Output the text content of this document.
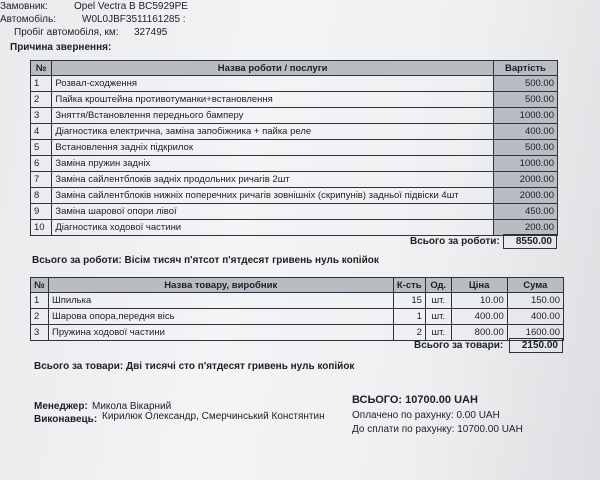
Замовник:	Opel Vectra B BC5929PE
Автомобіль:	W0L0JBF3511161285 :
Пробіг автомобіля, км: 327495
Причина звернення:
№	Назва роботи / послуги	Вартість
1	Розвал-сходження	500.00
2	Пайка кроштейна противотуманки+встановлення	500.00
3	Зняття/Встановлення переднього бамперу	1000.00
4	Діагностика електрична, заміна запобіжника + пайка реле	400.00
5	Встановлення задніх підкрилок	500.00
6	Заміна пружин задніх	1000.00
7	Заміна сайлентблоків задніх продольних ричагів 2шт	2000.00
8	Заміна сайлентблоків нижніх поперечних ричагів зовнішніх (скрипунів) задньої підвіски 4шт	2000.00
9	Заміна шарової опори лівої	450.00
10	Діагностика ходової частини	200.00
Всього за роботи:	8550.00
Всього за роботи: Вісім тисяч п'ятсот п'ятдесят гривень нуль копійок
№	Назва товару, виробник	К-сть	Од.	Ціна	Сума
1	Шпилька	15	шт.	10.00	150.00
2	Шарова опора,передня вісь	1	шт.	400.00	400.00
3	Пружина ходової частини	2	шт.	800.00	1600.00
Всього за товари:	2150.00
Всього за товари: Дві тисячі сто п'ятдесят гривень нуль копійок
Менеджер: Микола Вікарний
Виконавець: Кирилюк Олександр, Смерчинський Констянтин
ВСЬОГО: 10700.00 UAH
Оплачено по рахунку: 0.00 UAH
До сплати по рахунку: 10700.00 UAH
